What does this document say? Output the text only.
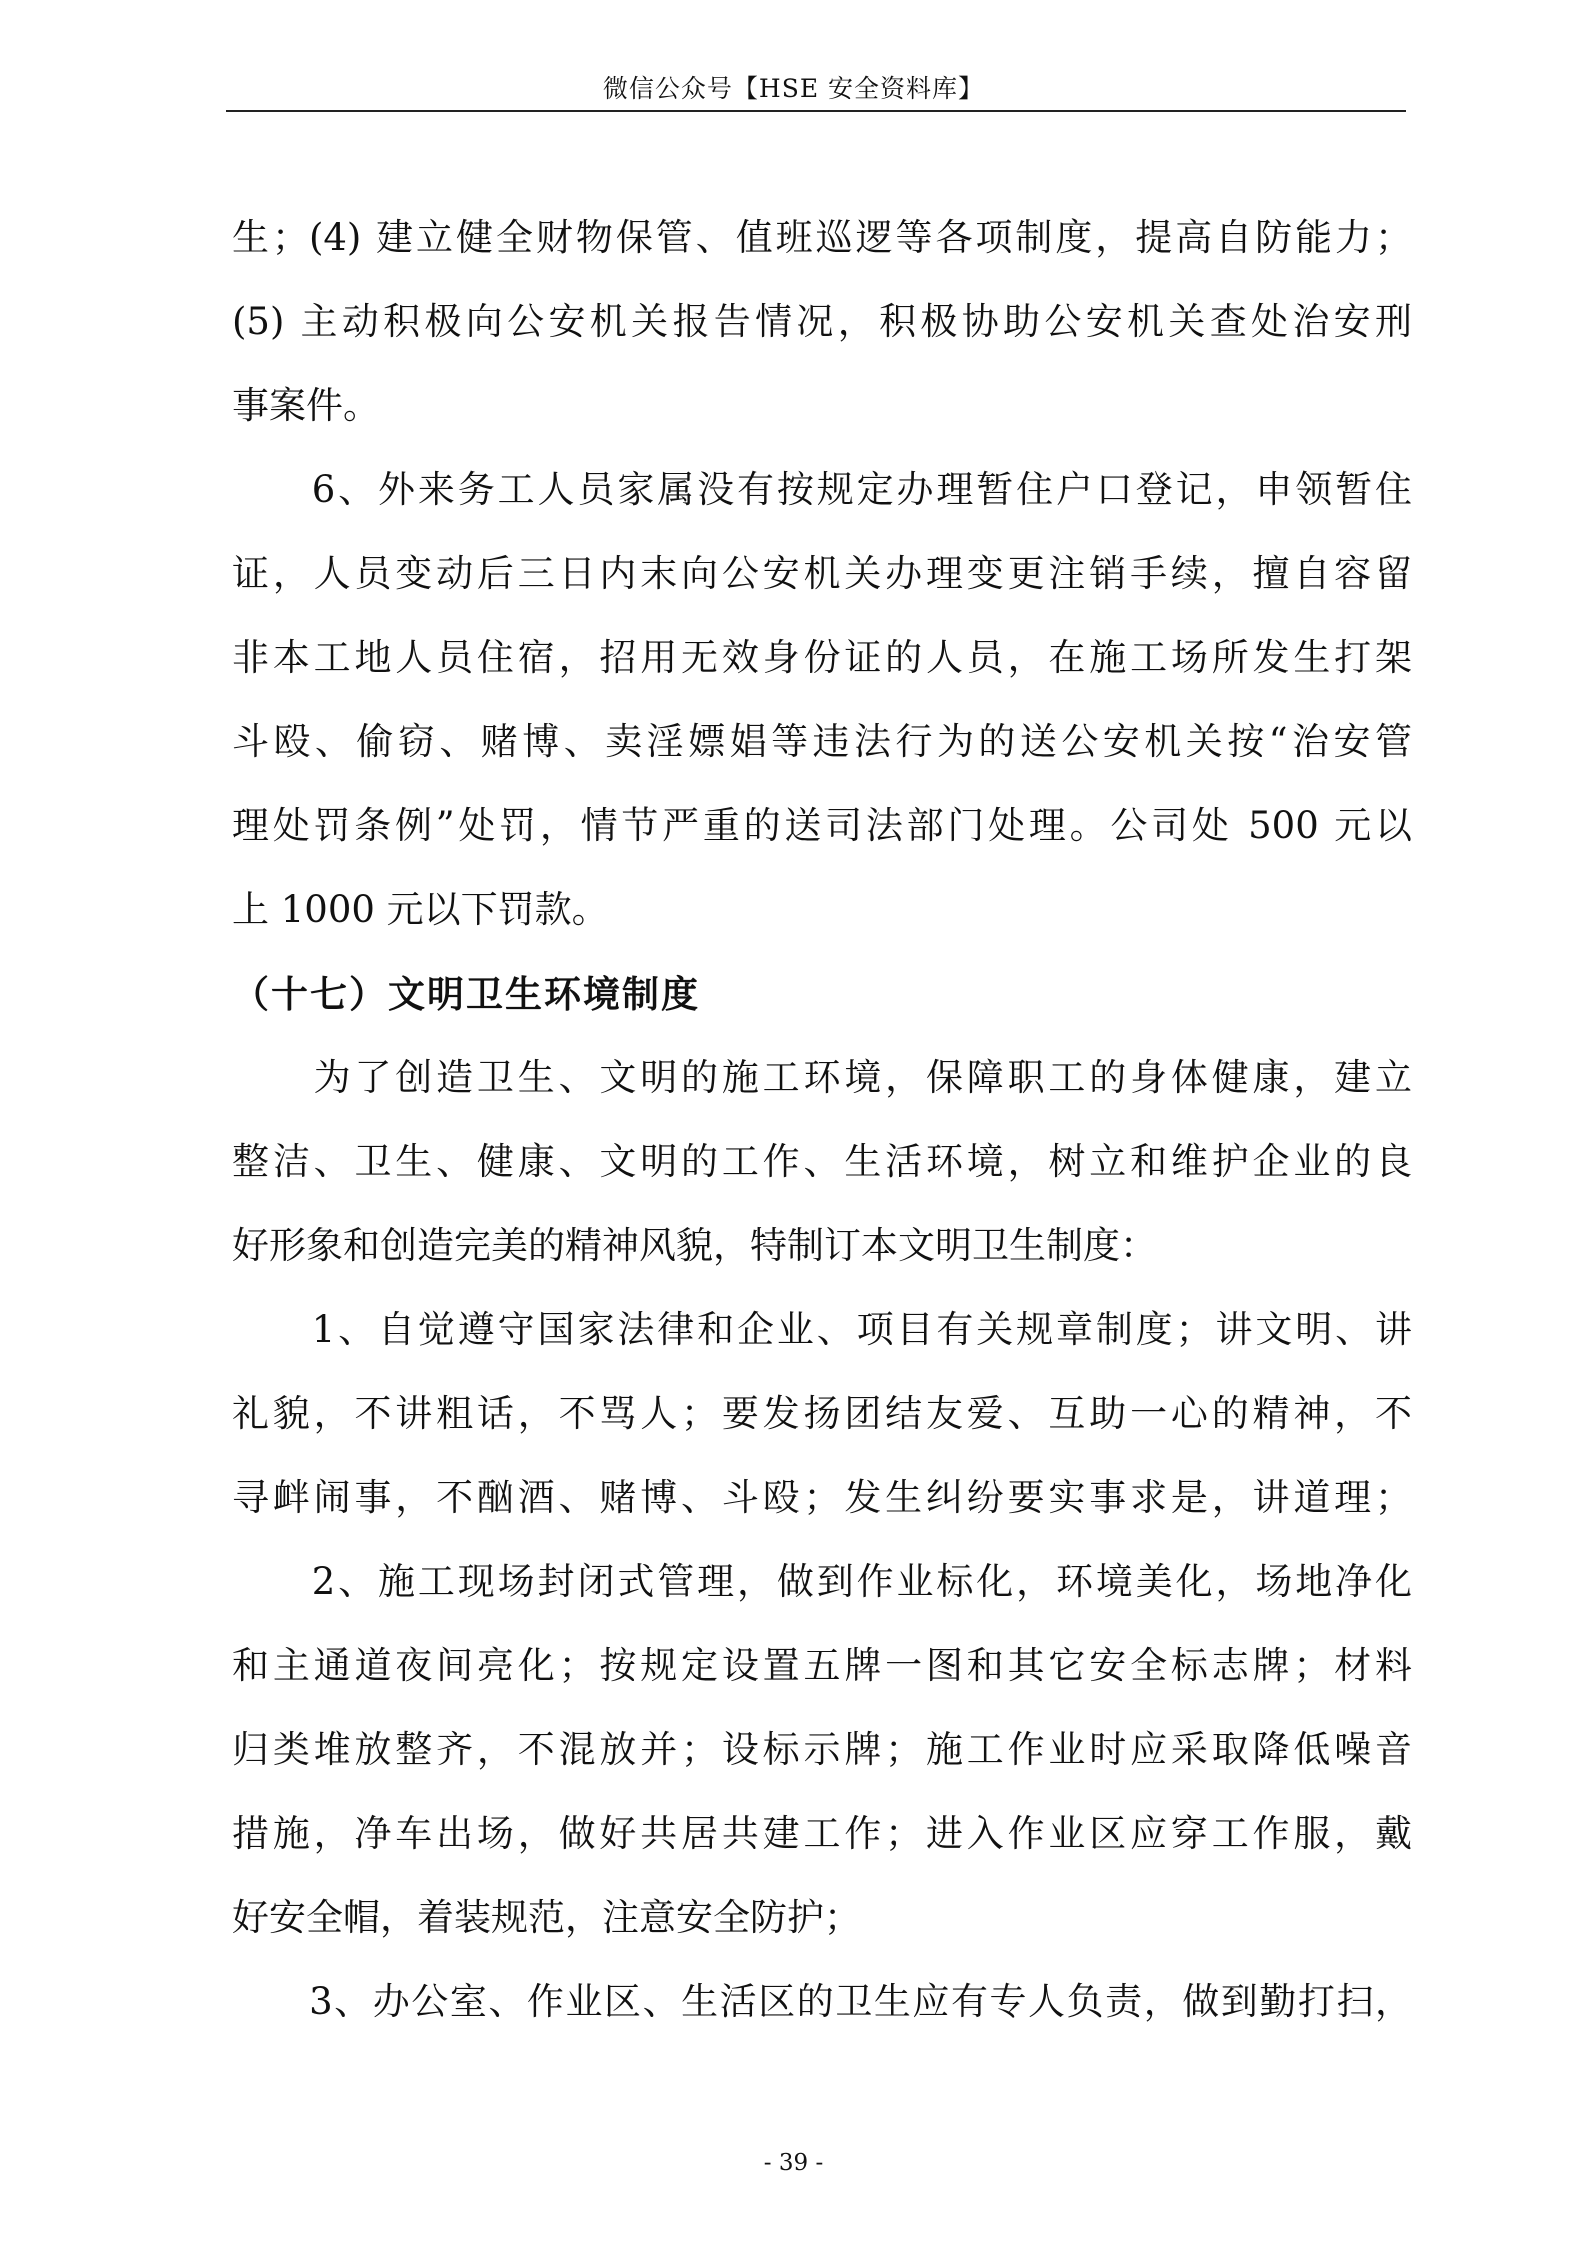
微信公众号【HSE 安全资料库】
生；(4) 建立健全财物保管、值班巡逻等各项制度，提高自防能力；
(5) 主动积极向公安机关报告情况，积极协助公安机关查处治安刑
事案件。
　　6、外来务工人员家属没有按规定办理暂住户口登记，申领暂住
证，人员变动后三日内末向公安机关办理变更注销手续，擅自容留
非本工地人员住宿，招用无效身份证的人员，在施工场所发生打架
斗殴、偷窃、赌博、卖淫嫖娼等违法行为的送公安机关按“治安管
理处罚条例”处罚，情节严重的送司法部门处理。公司处 500 元以
上 1000 元以下罚款。
（十七）文明卫生环境制度
　　为了创造卫生、文明的施工环境，保障职工的身体健康，建立
整洁、卫生、健康、文明的工作、生活环境，树立和维护企业的良
好形象和创造完美的精神风貌，特制订本文明卫生制度：
　　1、自觉遵守国家法律和企业、项目有关规章制度；讲文明、讲
礼貌，不讲粗话，不骂人；要发扬团结友爱、互助一心的精神，不
寻衅闹事，不酗酒、赌博、斗殴；发生纠纷要实事求是，讲道理；
　　2、施工现场封闭式管理，做到作业标化，环境美化，场地净化
和主通道夜间亮化；按规定设置五牌一图和其它安全标志牌；材料
归类堆放整齐，不混放并；设标示牌；施工作业时应采取降低噪音
措施，净车出场，做好共居共建工作；进入作业区应穿工作服，戴
好安全帽，着装规范，注意安全防护；
　　3、办公室、作业区、生活区的卫生应有专人负责，做到勤打扫，
- 39 -
